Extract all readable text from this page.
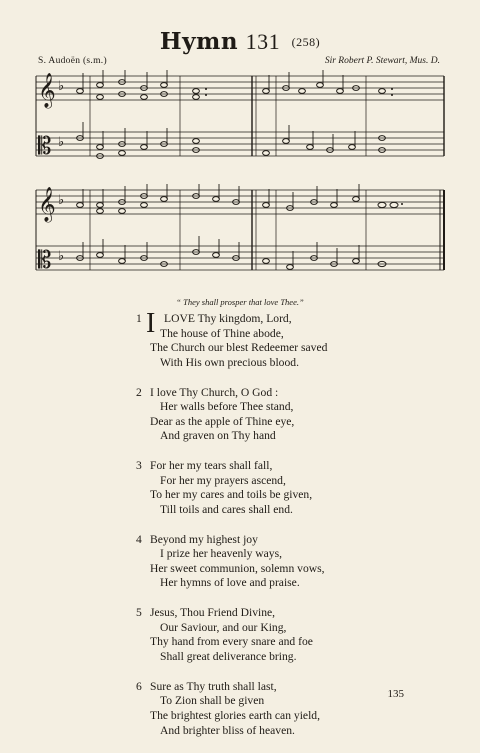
Hymn 131 (258)
S. Audoën (s.m.)	Sir Robert P. Stewart, Mus. D.
𝄞
𝄡
♭
♭
𝄞
𝄡
♭
♭
“ They shall prosper that love Thee.”
1 I LOVE Thy kingdom, Lord,
The house of Thine abode,
The Church our blest Redeemer saved
With His own precious blood.
2 I love Thy Church, O God :
Her walls before Thee stand,
Dear as the apple of Thine eye,
And graven on Thy hand
3 For her my tears shall fall,
For her my prayers ascend,
To her my cares and toils be given,
Till toils and cares shall end.
4 Beyond my highest joy
I prize her heavenly ways,
Her sweet communion, solemn vows,
Her hymns of love and praise.
5 Jesus, Thou Friend Divine,
Our Saviour, and our King,
Thy hand from every snare and foe
Shall great deliverance bring.
6 Sure as Thy truth shall last,
To Zion shall be given
The brightest glories earth can yield,
And brighter bliss of heaven.
135
